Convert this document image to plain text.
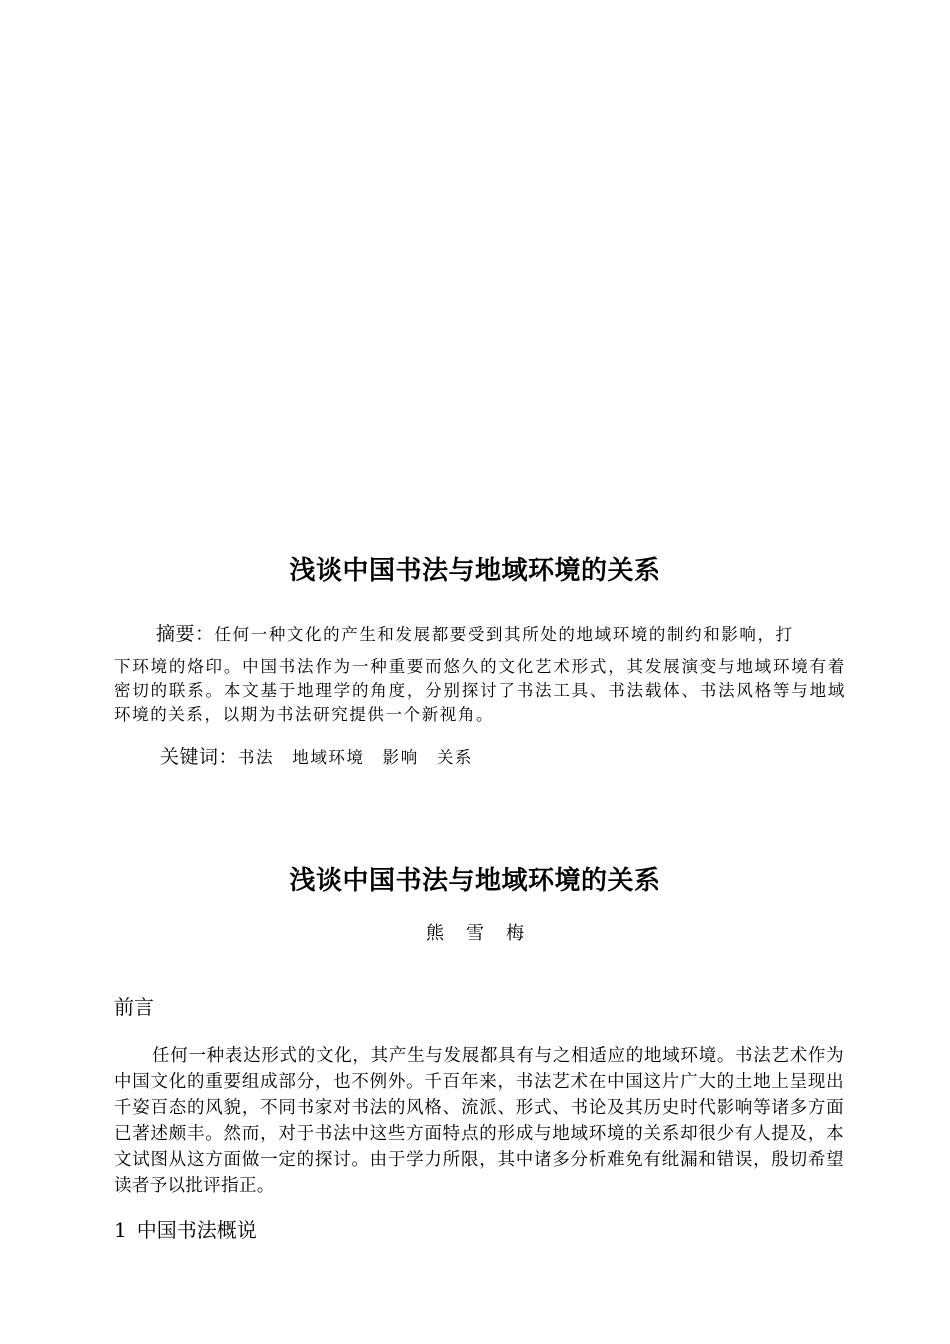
浅谈中国书法与地域环境的关系
摘要：任何一种文化的产生和发展都要受到其所处的地域环境的制约和影响，打
下环境的烙印。中国书法作为一种重要而悠久的文化艺术形式，其发展演变与地域环境有着密切的联系。本文基于地理学的角度，分别探讨了书法工具、书法载体、书法风格等与地域环境的关系，以期为书法研究提供一个新视角。
关键词：书法 地域环境 影响 关系
浅谈中国书法与地域环境的关系
熊雪梅
前言

任何一种表达形式的文化，其产生与发展都具有与之相适应的地域环境。书法艺术作为中国文化的重要组成部分，也不例外。千百年来，书法艺术在中国这片广大的土地上呈现出千姿百态的风貌，不同书家对书法的风格、流派、形式、书论及其历史时代影响等诸多方面已著述颇丰。然而，对于书法中这些方面特点的形成与地域环境的关系却很少有人提及，本文试图从这方面做一定的探讨。由于学力所限，其中诸多分析难免有纰漏和错误，殷切希望读者予以批评指正。

1 中国书法概说
